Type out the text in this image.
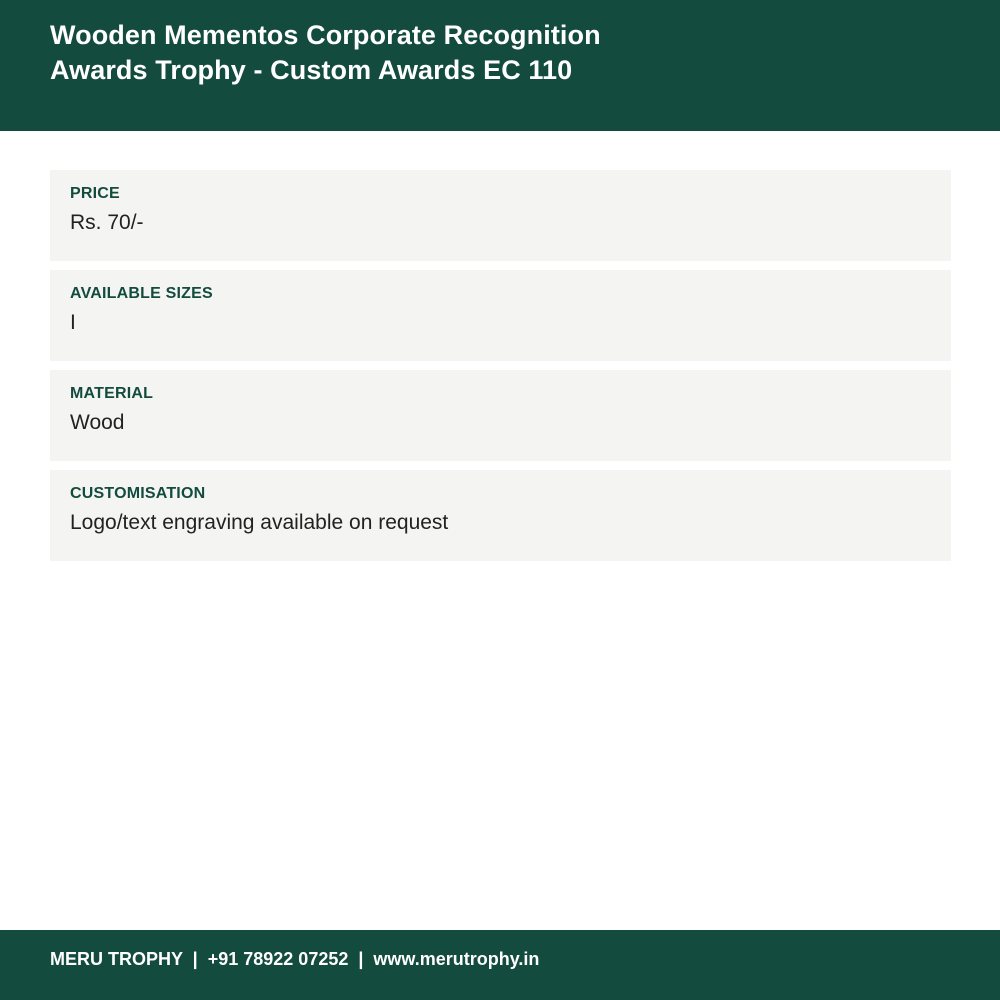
Wooden Mementos Corporate Recognition Awards Trophy - Custom Awards EC 110
PRICE
Rs. 70/-
AVAILABLE SIZES
I
MATERIAL
Wood
CUSTOMISATION
Logo/text engraving available on request
MERU TROPHY  |  +91 78922 07252  |  www.merutrophy.in
